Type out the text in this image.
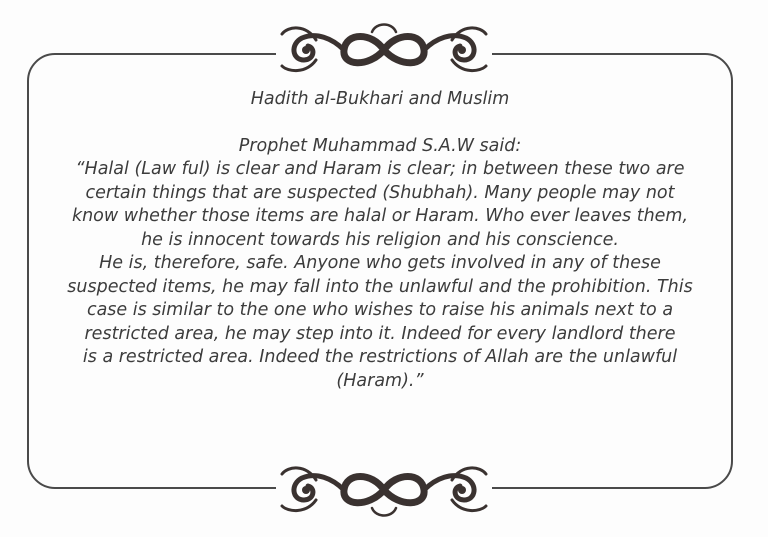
Hadith al-Bukhari and Muslim
Prophet Muhammad S.A.W said:
“Halal (Law ful) is clear and Haram is clear; in between these two are
certain things that are suspected (Shubhah). Many people may not
know whether those items are halal or Haram. Who ever leaves them,
he is innocent towards his religion and his conscience.
He is, therefore, safe. Anyone who gets involved in any of these
suspected items, he may fall into the unlawful and the prohibition. This
case is similar to the one who wishes to raise his animals next to a
restricted area, he may step into it. Indeed for every landlord there
is a restricted area. Indeed the restrictions of Allah are the unlawful
(Haram).”
